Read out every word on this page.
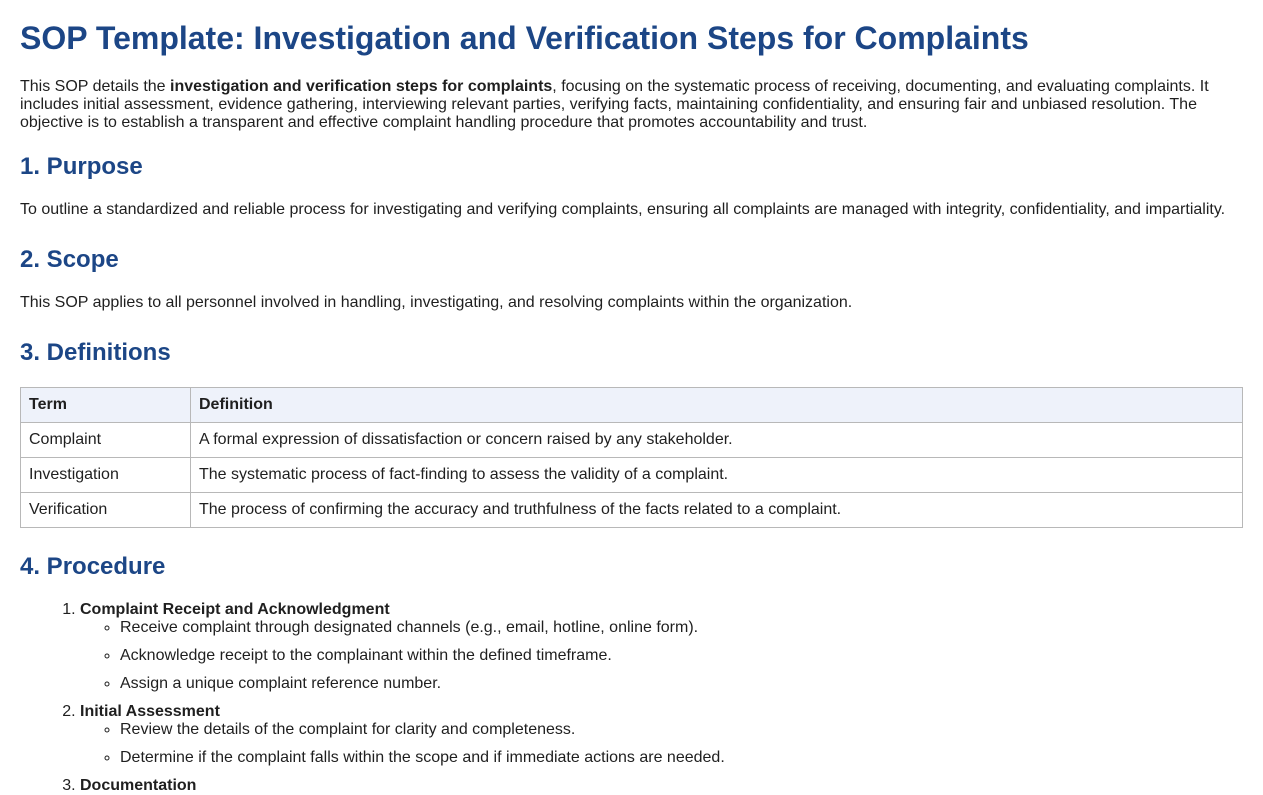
SOP Template: Investigation and Verification Steps for Complaints

This SOP details the investigation and verification steps for complaints, focusing on the systematic process of receiving, documenting, and evaluating complaints. It includes initial assessment, evidence gathering, interviewing relevant parties, verifying facts, maintaining confidentiality, and ensuring fair and unbiased resolution. The objective is to establish a transparent and effective complaint handling procedure that promotes accountability and trust.

1. Purpose

To outline a standardized and reliable process for investigating and verifying complaints, ensuring all complaints are managed with integrity, confidentiality, and impartiality.

2. Scope

This SOP applies to all personnel involved in handling, investigating, and resolving complaints within the organization.

3. Definitions
Term	Definition
Complaint	A formal expression of dissatisfaction or concern raised by any stakeholder.
Investigation	The systematic process of fact-finding to assess the validity of a complaint.
Verification	The process of confirming the accuracy and truthfulness of the facts related to a complaint.
4. Procedure
1. Complaint Receipt and Acknowledgment
◦ Receive complaint through designated channels (e.g., email, hotline, online form).
◦ Acknowledge receipt to the complainant within the defined timeframe.
◦ Assign a unique complaint reference number.
2. Initial Assessment
◦ Review the details of the complaint for clarity and completeness.
◦ Determine if the complaint falls within the scope and if immediate actions are needed.
3. Documentation
